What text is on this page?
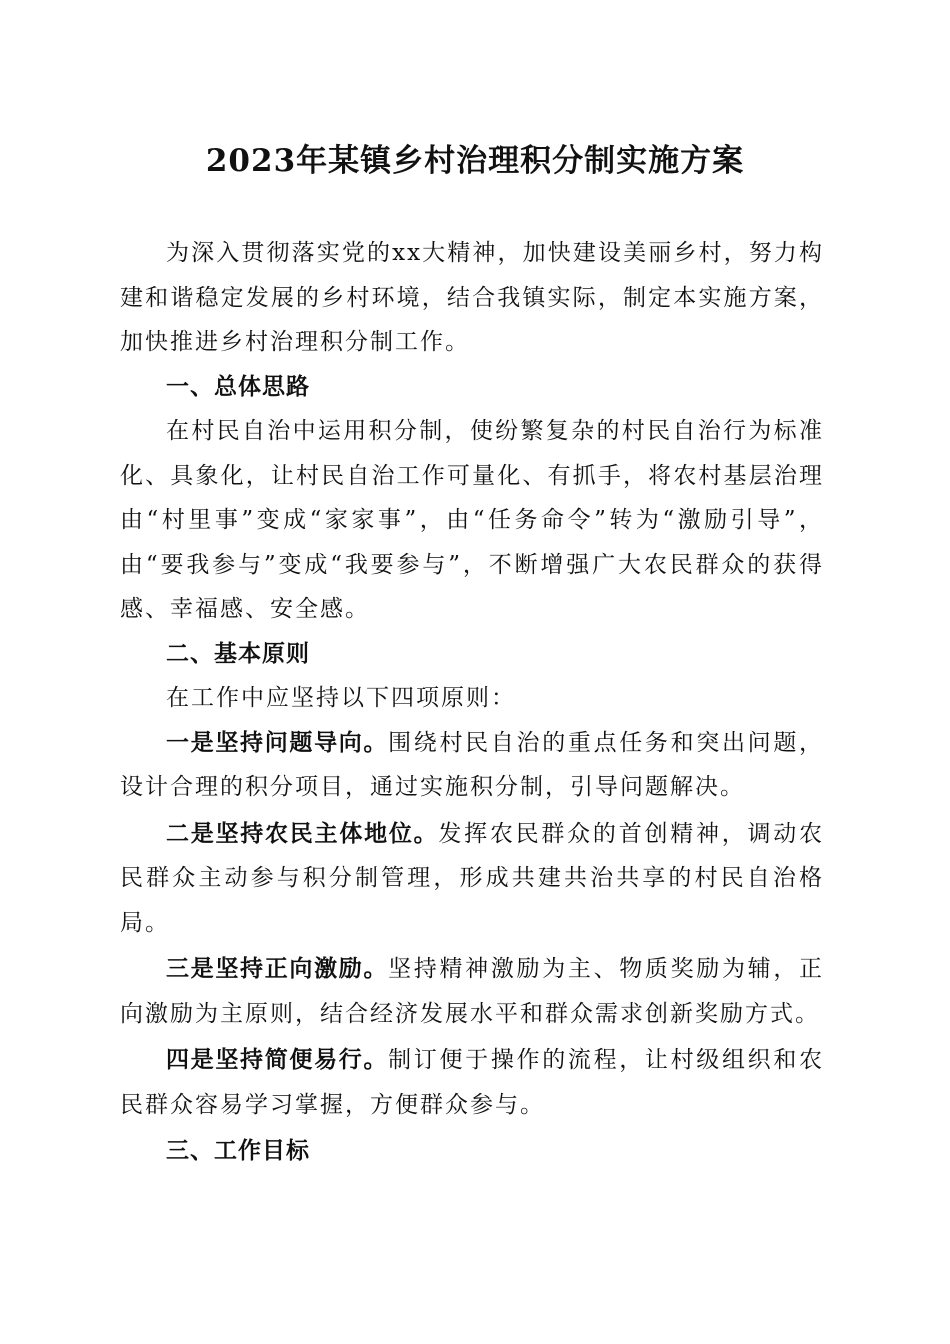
2023年某镇乡村治理积分制实施方案

为深入贯彻落实党的xx大精神，加快建设美丽乡村，努力构建和谐稳定发展的乡村环境，结合我镇实际，制定本实施方案，加快推进乡村治理积分制工作。

一、总体思路

在村民自治中运用积分制，使纷繁复杂的村民自治行为标准化、具象化，让村民自治工作可量化、有抓手，将农村基层治理由“村里事”变成“家家事”，由“任务命令”转为“激励引导”，由“要我参与”变成“我要参与”，不断增强广大农民群众的获得感、幸福感、安全感。

二、基本原则

在工作中应坚持以下四项原则：

一是坚持问题导向。围绕村民自治的重点任务和突出问题，设计合理的积分项目，通过实施积分制，引导问题解决。

二是坚持农民主体地位。发挥农民群众的首创精神，调动农民群众主动参与积分制管理，形成共建共治共享的村民自治格局。

三是坚持正向激励。坚持精神激励为主、物质奖励为辅，正向激励为主原则，结合经济发展水平和群众需求创新奖励方式。

四是坚持简便易行。制订便于操作的流程，让村级组织和农民群众容易学习掌握，方便群众参与。

三、工作目标
